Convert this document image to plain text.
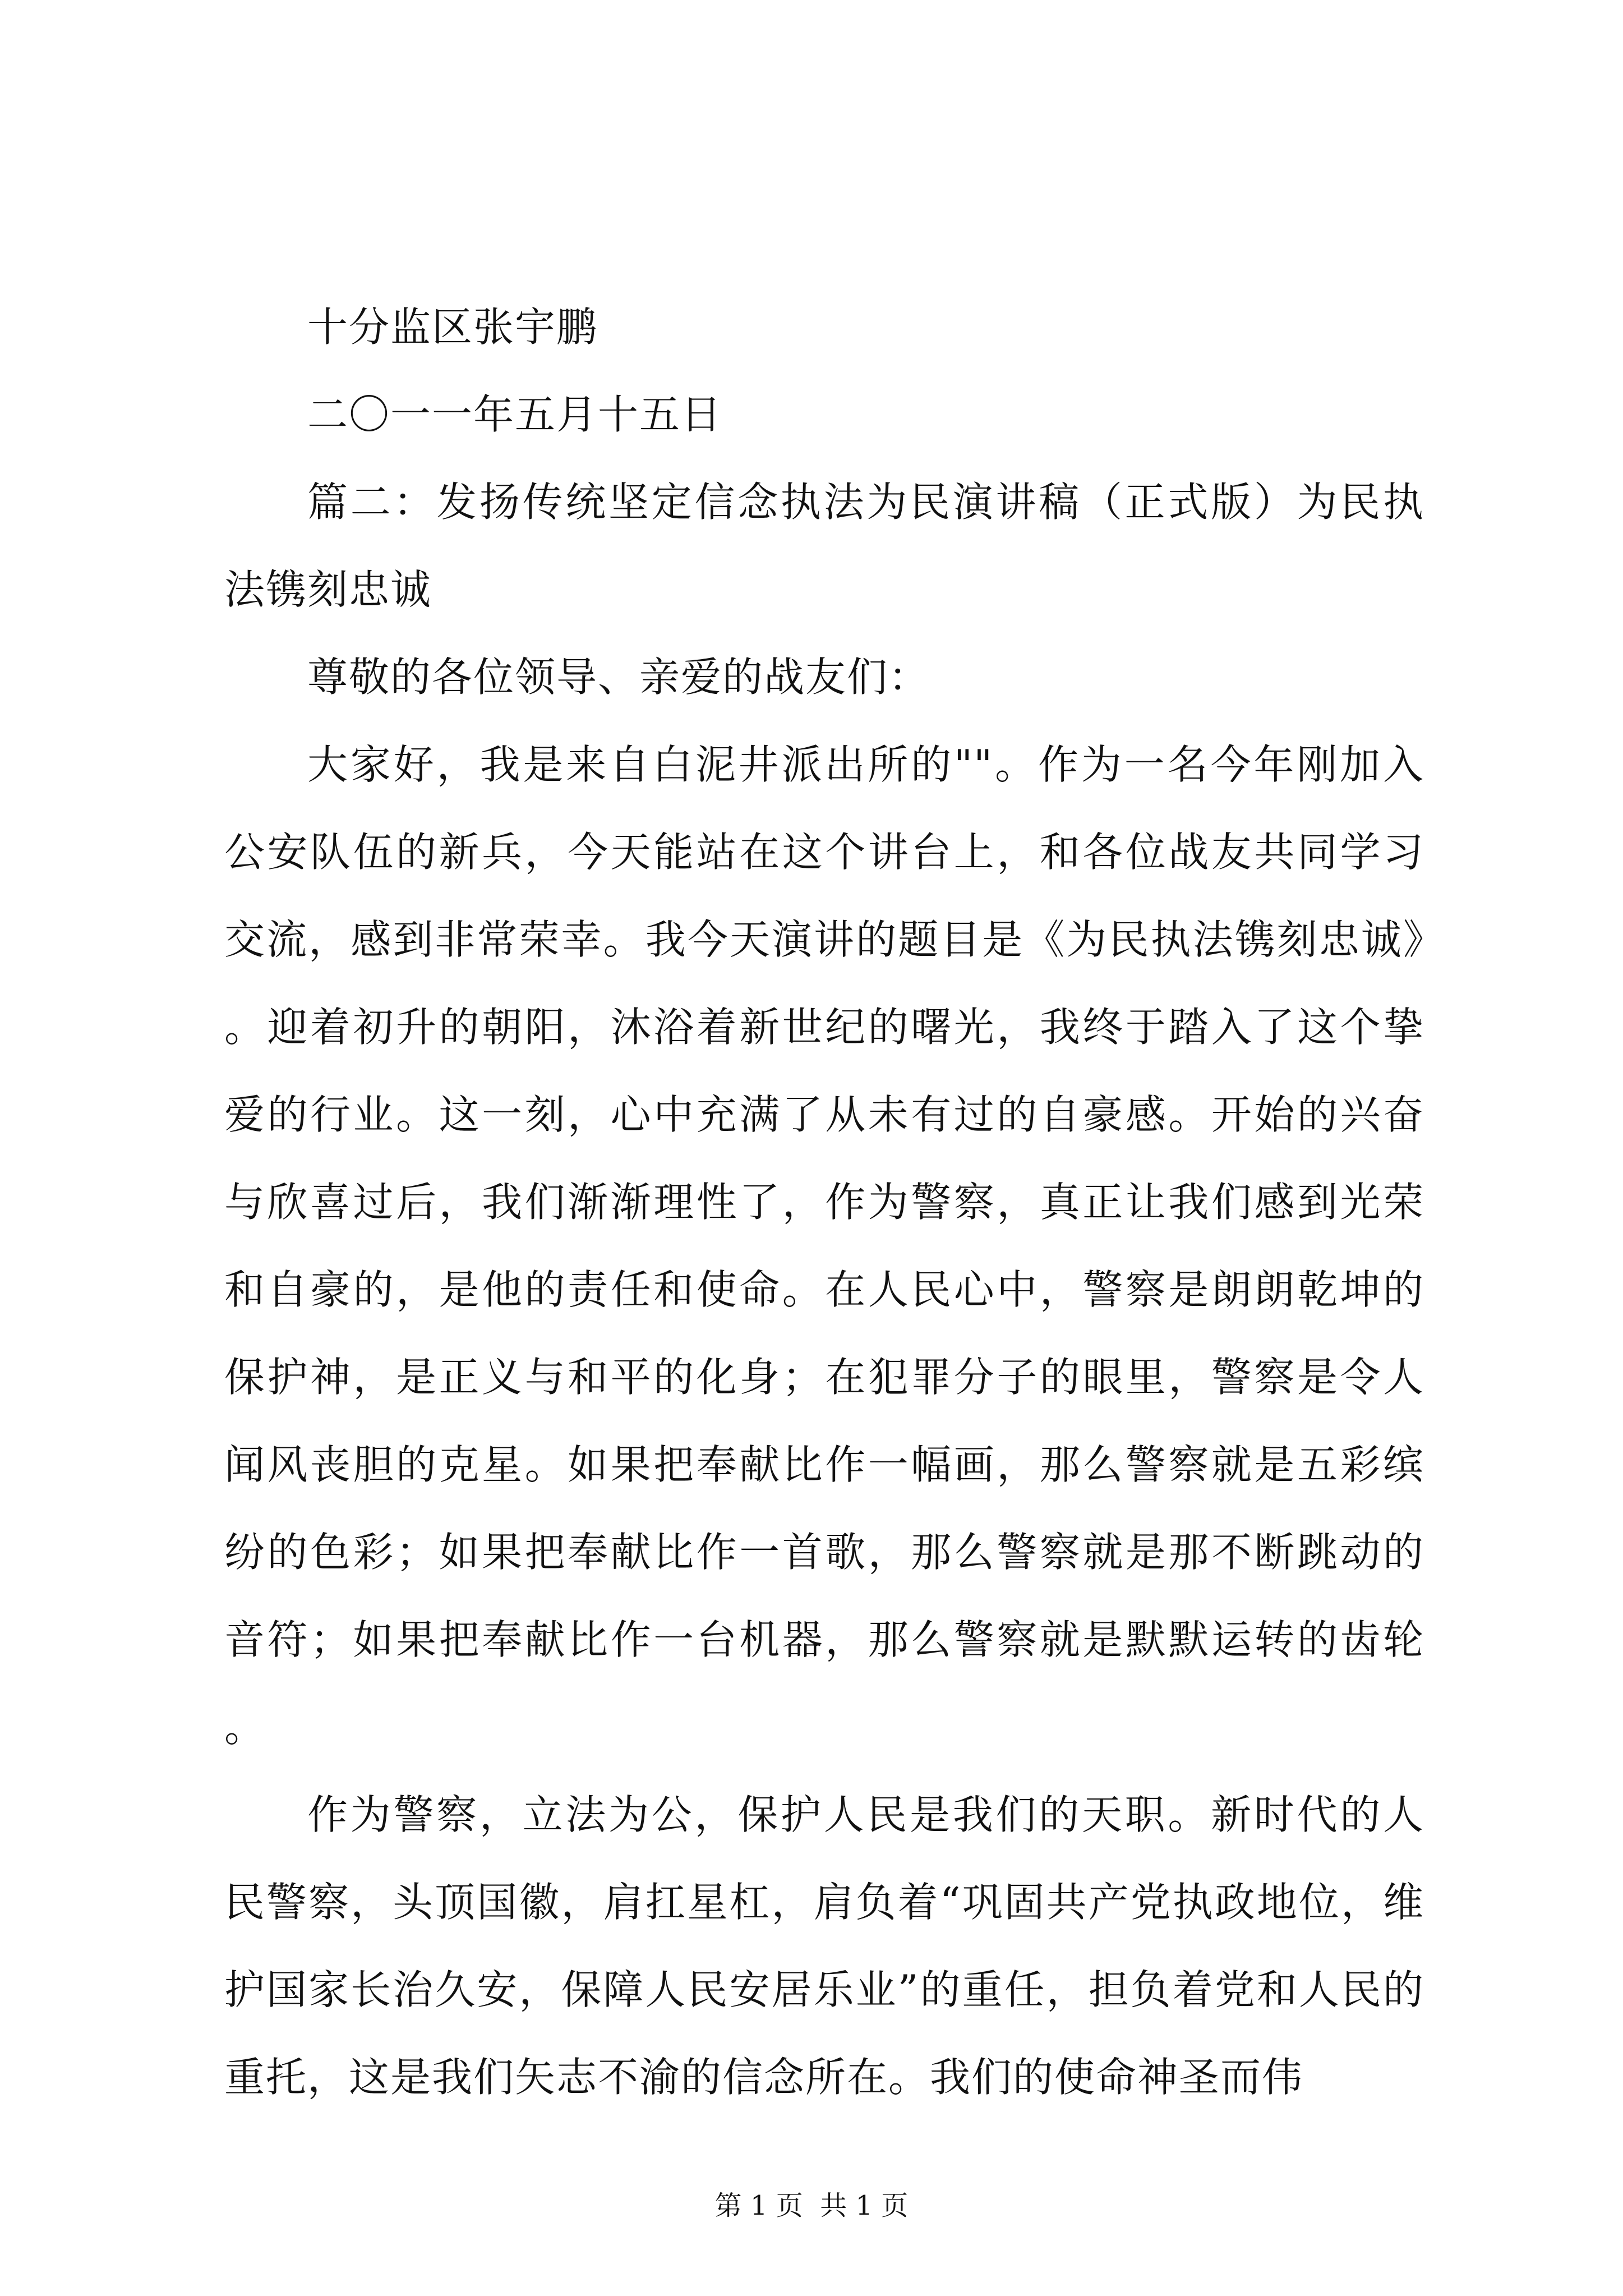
十分监区张宇鹏

二〇一一年五月十五日

篇二：发扬传统坚定信念执法为民演讲稿（正式版）为民执法镌刻忠诚

尊敬的各位领导、亲爱的战友们：

大家好，我是来自白泥井派出所的""。作为一名今年刚加入公安队伍的新兵，今天能站在这个讲台上，和各位战友共同学习交流，感到非常荣幸。我今天演讲的题目是《为民执法镌刻忠诚》。迎着初升的朝阳，沐浴着新世纪的曙光，我终于踏入了这个挚爱的行业。这一刻，心中充满了从未有过的自豪感。开始的兴奋与欣喜过后，我们渐渐理性了，作为警察，真正让我们感到光荣和自豪的，是他的责任和使命。在人民心中，警察是朗朗乾坤的保护神，是正义与和平的化身；在犯罪分子的眼里，警察是令人闻风丧胆的克星。如果把奉献比作一幅画，那么警察就是五彩缤纷的色彩；如果把奉献比作一首歌，那么警察就是那不断跳动的音符；如果把奉献比作一台机器，那么警察就是默默运转的齿轮。

作为警察，立法为公，保护人民是我们的天职。新时代的人民警察，头顶国徽，肩扛星杠，肩负着“巩固共产党执政地位，维护国家长治久安，保障人民安居乐业”的重任，担负着党和人民的重托，这是我们矢志不渝的信念所在。我们的使命神圣而伟

第 1 页  共 1 页
